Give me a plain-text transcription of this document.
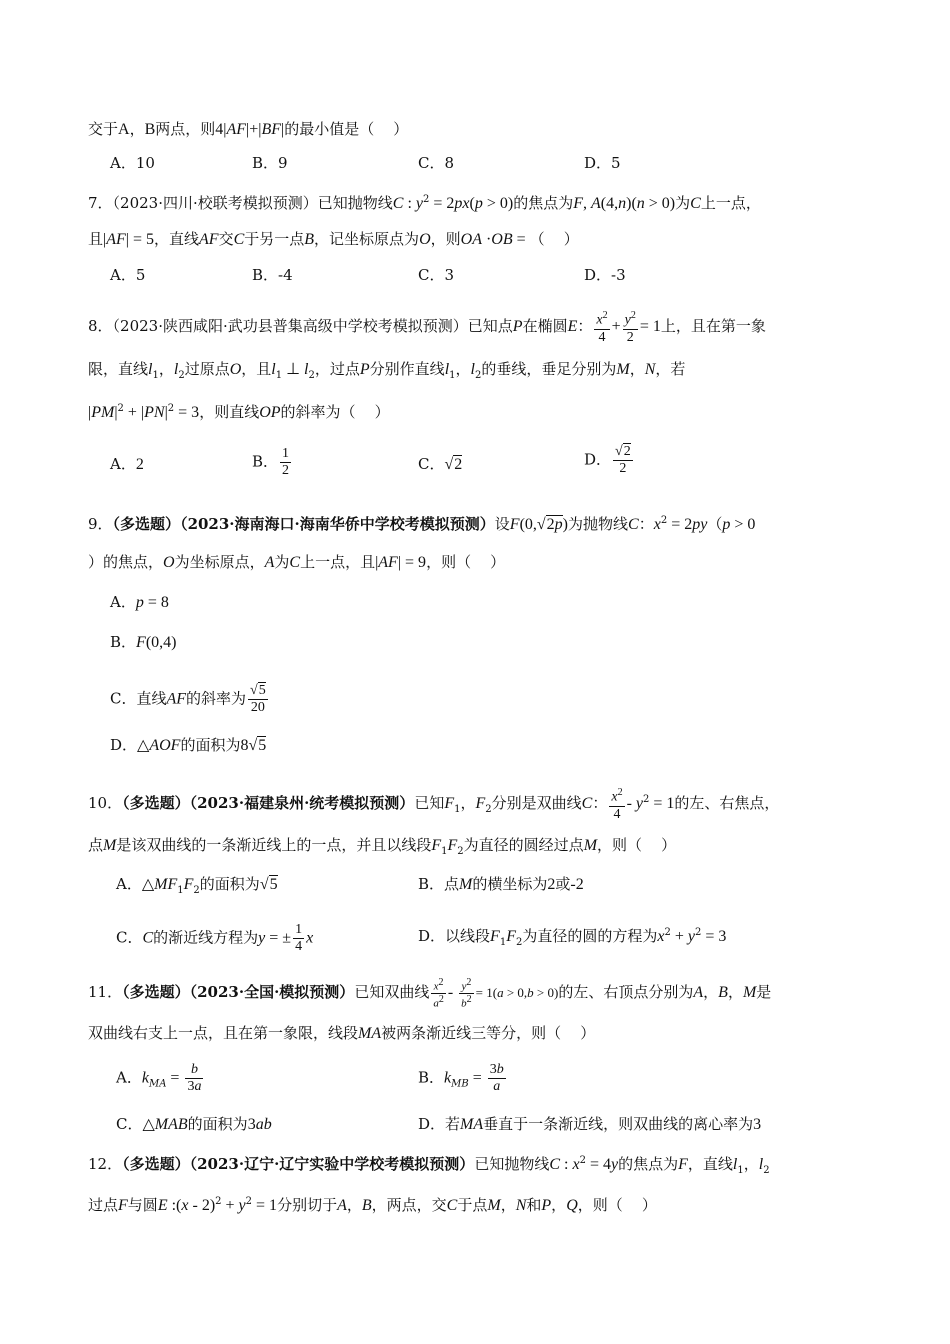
交于A，B两点，则4|AF|+|BF|的最小值是（    ）
A．10	B．9	C．8	D．5
7．（2023·四川·校联考模拟预测）已知抛物线C : $y^2 = 2px(p > 0)$的焦点为F, A(4,n)(n > 0)为C上一点，
且|AF| = 5，直线AF交C于另一点B，记坐标原点为O，则OA ·OB = （    ）
A．5	B．-4	C．3	D．-3
8．（2023·陕西咸阳·武功县普集高级中学校考模拟预测）已知点P在椭圆E： $\frac{x^2}{4} + \frac{y^2}{2} = 1$上，且在第一象
限，直线$l_1$，$l_2$过原点O，且$l_1$ ⊥ $l_2$，过点P分别作直线$l_1$，$l_2$的垂线，垂足分别为M，N，若
$|PM|^2 + |PN|^2 = 3$，则直线OP的斜率为（    ）
A．2	B． $\frac{1}{2}$	C．√2	D． $\frac{√2}{2}$
9．（多选题）（2023·海南海口·海南华侨中学校考模拟预测）设F(0,√2p)为抛物线C：$x^2 = 2py(p > 0$
）的焦点，O为坐标原点，A为C上一点，且|AF| = 9，则（    ）
A．p = 8
B．F(0,4)
C．直线AF的斜率为 $\frac{√5}{20}$
D．△AOF的面积为8√5
10．（多选题）（2023·福建泉州·统考模拟预测）已知$F_1$，$F_2$分别是双曲线C： $\frac{x^2}{4} - y^2 = 1$的左、右焦点，
点M是该双曲线的一条渐近线上的一点，并且以线段$F_1F_2$为直径的圆经过点M，则（    ）
A．$\triangle MF_1F_2$的面积为√5	B．点M的横坐标为2或-2
C．C的渐近线方程为y = ± $\frac{1}{4}$ x	D．以线段$F_1F_2$为直径的圆的方程为$x^2 + y^2 = 3$
11．（多选题）（2023·全国·模拟预测）已知双曲线 $\frac{x^2}{a^2} - \frac{y^2}{b^2} = 1(a > 0,b > 0)$的左、右顶点分别为A，B，M是
双曲线右支上一点，且在第一象限，线段MA被两条渐近线三等分，则（    ）
A．$k_{MA} = \frac{b}{3a}$	B．$k_{MB} = \frac{3b}{a}$
C．△MAB的面积为3ab	D．若MA垂直于一条渐近线，则双曲线的离心率为3
12．（多选题）（2023·辽宁·辽宁实验中学校考模拟预测）已知抛物线C : $x^2 = 4y$的焦点为F，直线$l_1$，$l_2$
过点F与圆E :(x - $2)^2 + y^2 = 1$分别切于A，B，两点，交C于点M，N和P，Q，则（    ）
